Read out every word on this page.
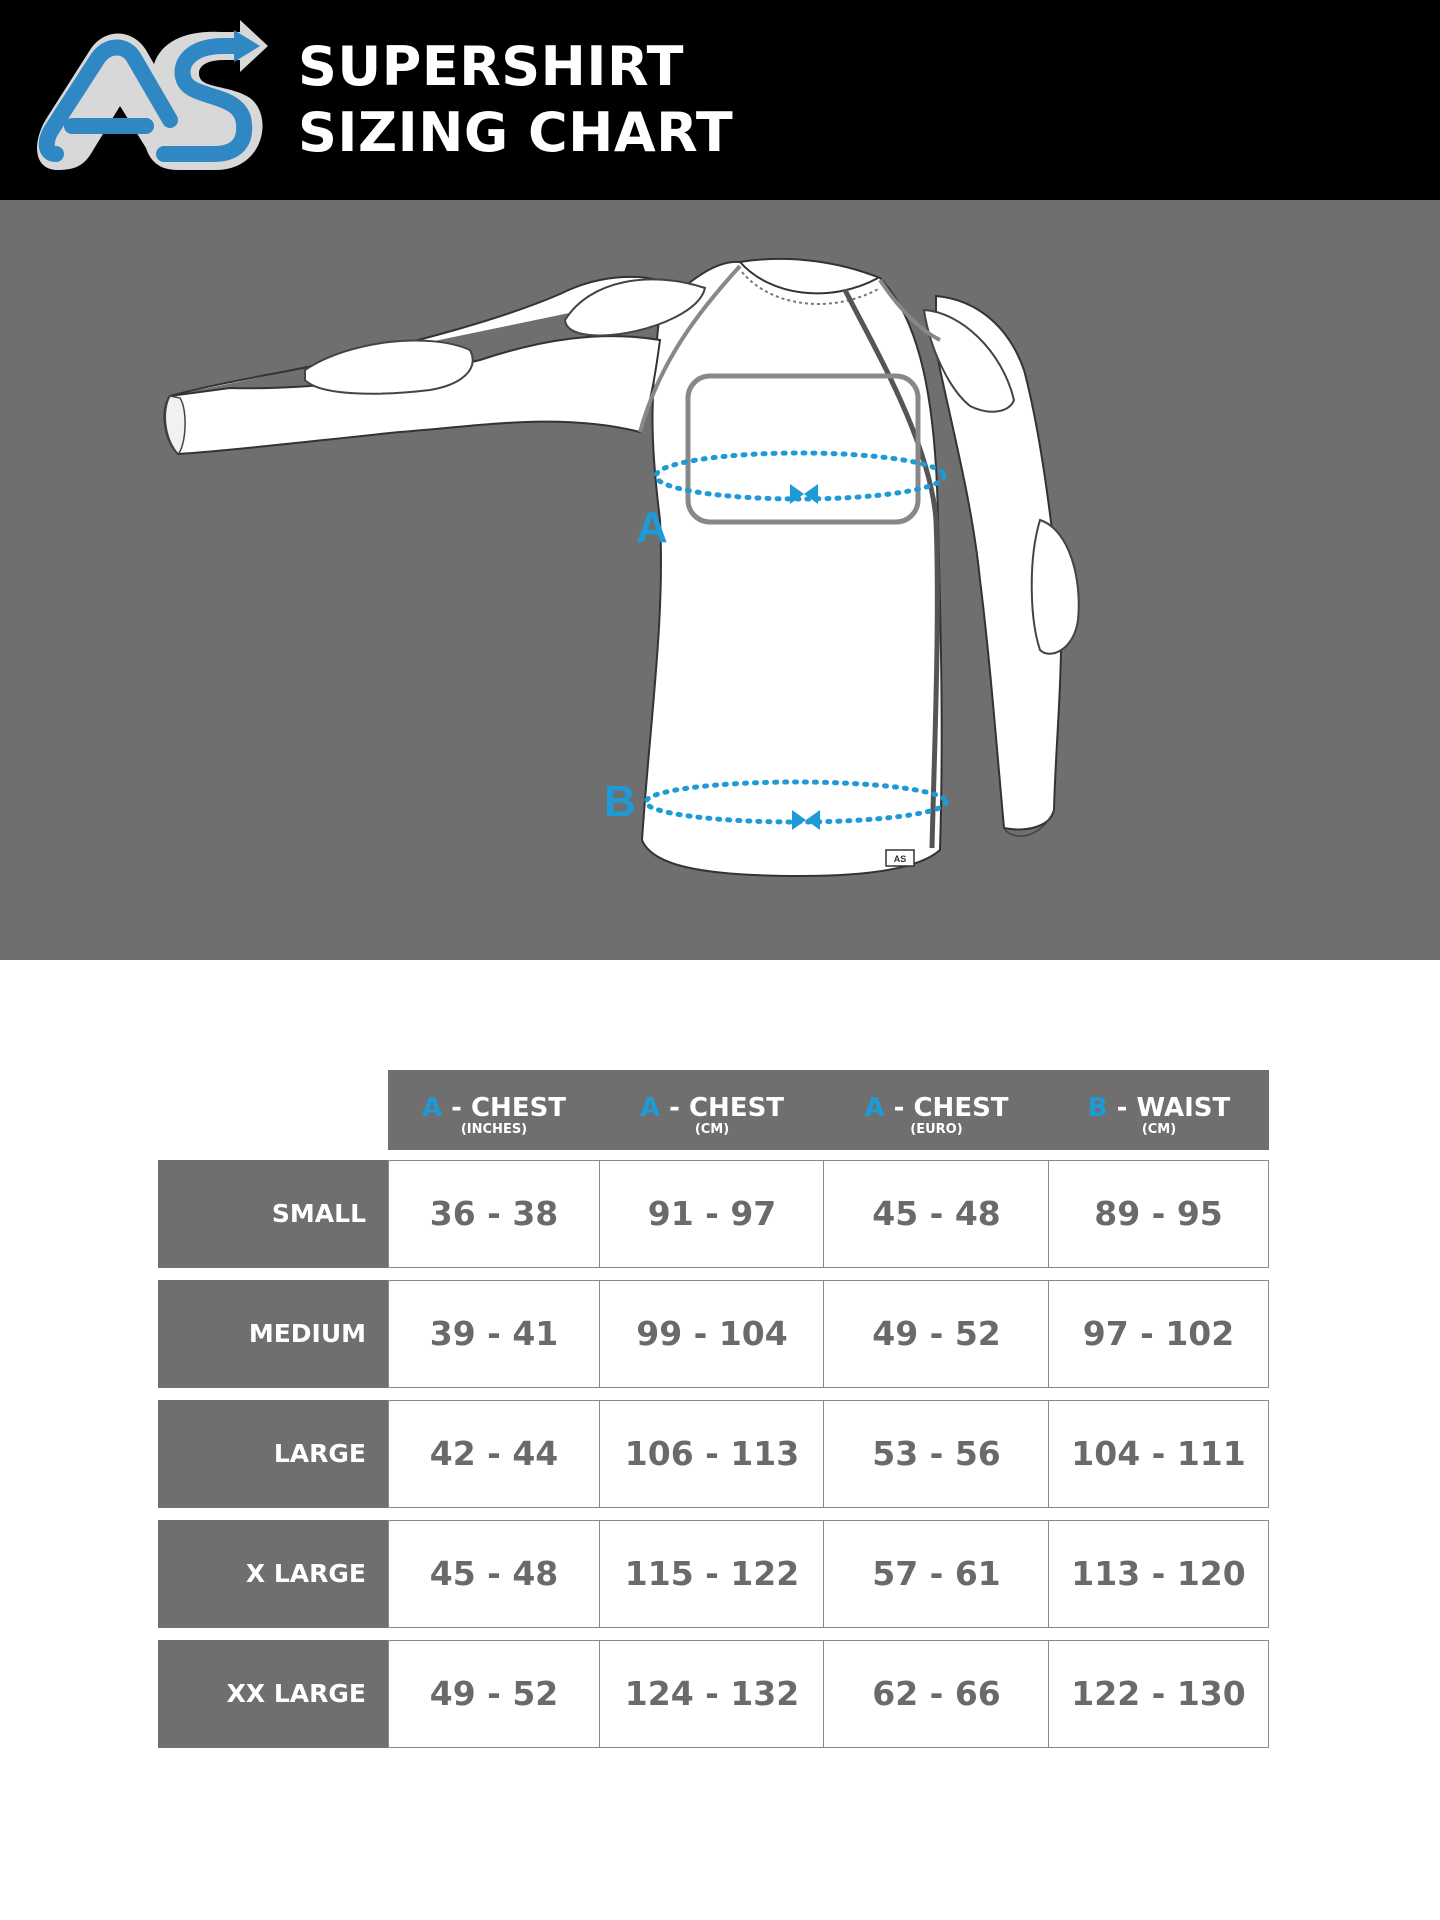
SUPERSHIRT
SIZING CHART
A
B
AS
A - CHEST
(INCHES)
A - CHEST
(CM)
A - CHEST
(EURO)
B - WAIST
(CM)
SMALL	36 - 38	91 - 97	45 - 48	89 - 95
MEDIUM	39 - 41	99 - 104	49 - 52	97 - 102
LARGE	42 - 44	106 - 113	53 - 56	104 - 111
X LARGE	45 - 48	115 - 122	57 - 61	113 - 120
XX LARGE	49 - 52	124 - 132	62 - 66	122 - 130
